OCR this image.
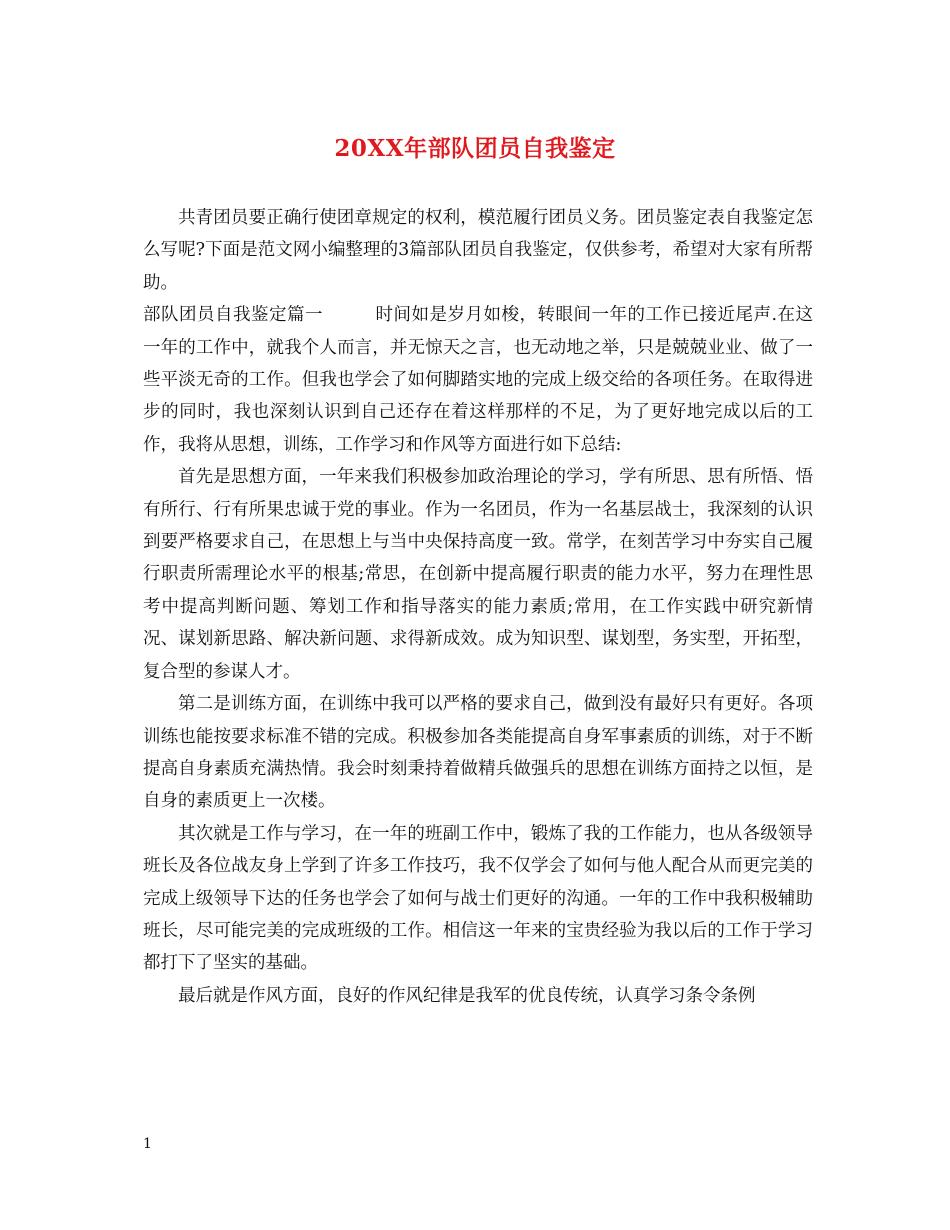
20XX年部队团员自我鉴定

共青团员要正确行使团章规定的权利，模范履行团员义务。团员鉴定表自我鉴定怎么写呢?下面是范文网小编整理的3篇部队团员自我鉴定，仅供参考，希望对大家有所帮助。

部队团员自我鉴定篇一	时间如是岁月如梭，转眼间一年的工作已接近尾声.在这一年的工作中，就我个人而言，并无惊天之言，也无动地之举，只是兢兢业业、做了一些平淡无奇的工作。但我也学会了如何脚踏实地的完成上级交给的各项任务。在取得进步的同时，我也深刻认识到自己还存在着这样那样的不足，为了更好地完成以后的工作，我将从思想，训练，工作学习和作风等方面进行如下总结:

首先是思想方面，一年来我们积极参加政治理论的学习，学有所思、思有所悟、悟有所行、行有所果忠诚于党的事业。作为一名团员，作为一名基层战士，我深刻的认识到要严格要求自己，在思想上与当中央保持高度一致。常学，在刻苦学习中夯实自己履行职责所需理论水平的根基;常思，在创新中提高履行职责的能力水平，努力在理性思考中提高判断问题、筹划工作和指导落实的能力素质;常用，在工作实践中研究新情况、谋划新思路、解决新问题、求得新成效。成为知识型、谋划型，务实型，开拓型，复合型的参谋人才。

第二是训练方面，在训练中我可以严格的要求自己，做到没有最好只有更好。各项训练也能按要求标准不错的完成。积极参加各类能提高自身军事素质的训练，对于不断提高自身素质充满热情。我会时刻秉持着做精兵做强兵的思想在训练方面持之以恒，是自身的素质更上一次楼。

其次就是工作与学习，在一年的班副工作中，锻炼了我的工作能力，也从各级领导班长及各位战友身上学到了许多工作技巧，我不仅学会了如何与他人配合从而更完美的完成上级领导下达的任务也学会了如何与战士们更好的沟通。一年的工作中我积极辅助班长，尽可能完美的完成班级的工作。相信这一年来的宝贵经验为我以后的工作于学习都打下了坚实的基础。

最后就是作风方面，良好的作风纪律是我军的优良传统，认真学习条令条例

1
